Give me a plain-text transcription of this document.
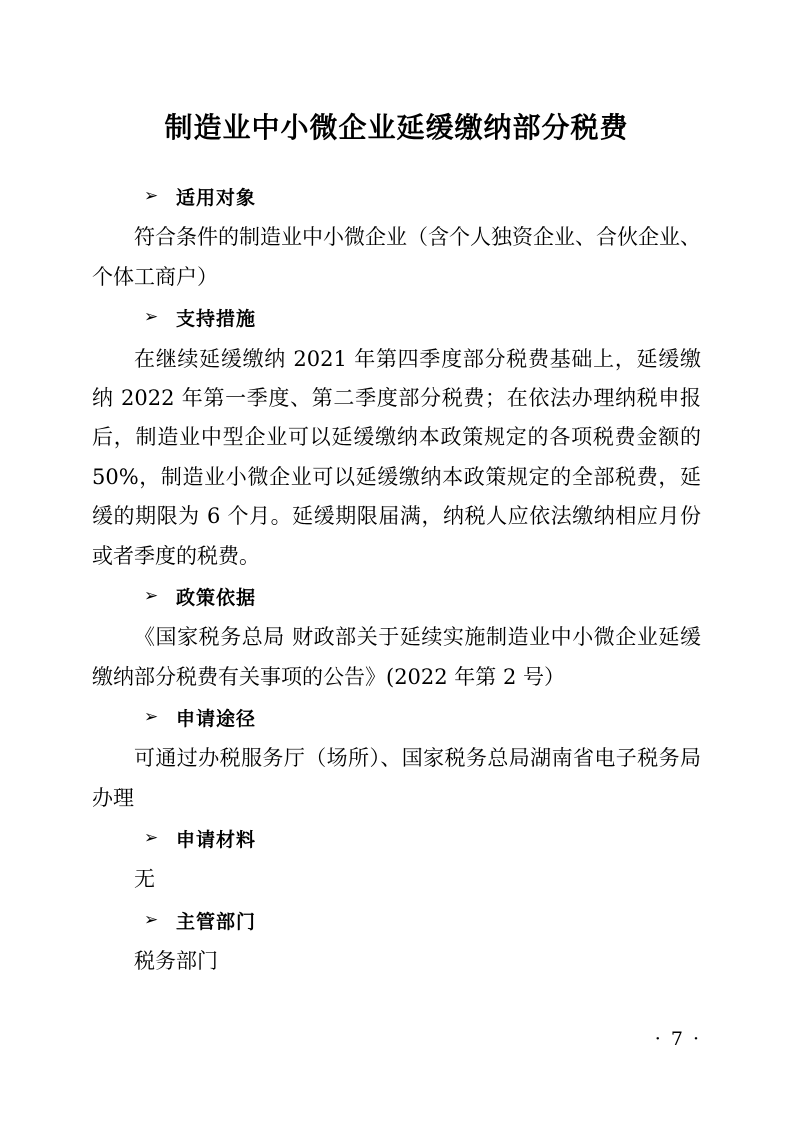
制造业中小微企业延缓缴纳部分税费
➢ 适用对象

符合条件的制造业中小微企业（含个人独资企业、合伙企业、个体工商户）

➢ 支持措施

在继续延缓缴纳 2021 年第四季度部分税费基础上，延缓缴纳 2022 年第一季度、第二季度部分税费；在依法办理纳税申报后，制造业中型企业可以延缓缴纳本政策规定的各项税费金额的 50%，制造业小微企业可以延缓缴纳本政策规定的全部税费，延缓的期限为 6 个月。延缓期限届满，纳税人应依法缴纳相应月份或者季度的税费。

➢ 政策依据

《国家税务总局 财政部关于延续实施制造业中小微企业延缓缴纳部分税费有关事项的公告》(2022 年第 2 号）

➢ 申请途径

可通过办税服务厅（场所）、国家税务总局湖南省电子税务局办理

➢ 申请材料

无

➢ 主管部门

税务部门

· 7 ·
